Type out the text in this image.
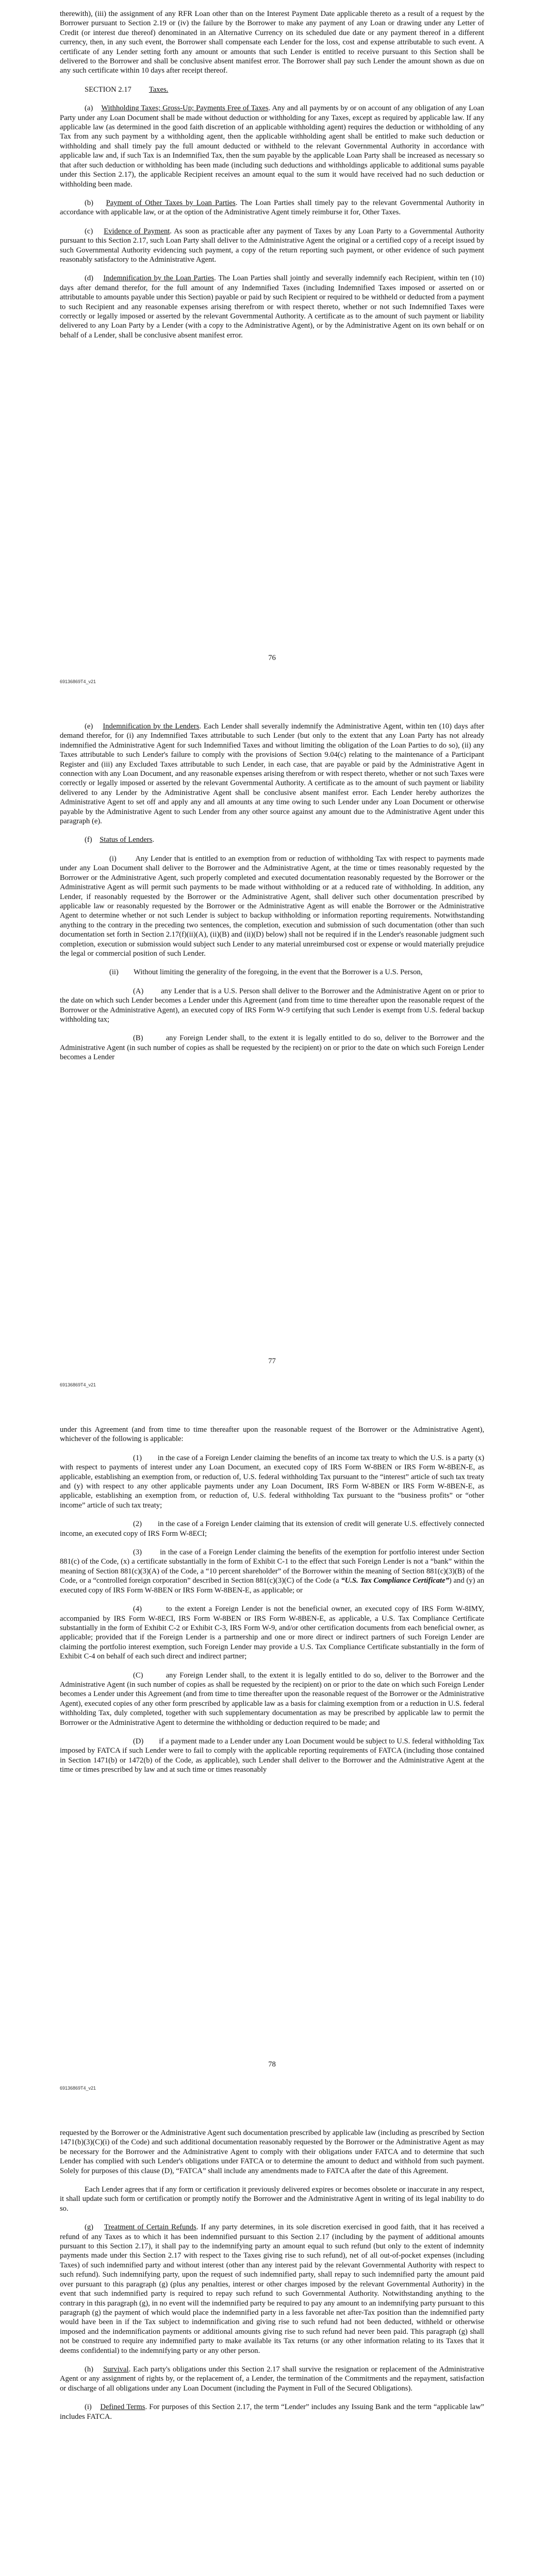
therewith), (iii) the assignment of any RFR Loan other than on the Interest Payment Date applicable thereto as a result of a request by the Borrower pursuant to Section 2.19 or (iv) the failure by the Borrower to make any payment of any Loan or drawing under any Letter of Credit (or interest due thereof) denominated in an Alternative Currency on its scheduled due date or any payment thereof in a different currency, then, in any such event, the Borrower shall compensate each Lender for the loss, cost and expense attributable to such event. A certificate of any Lender setting forth any amount or amounts that such Lender is entitled to receive pursuant to this Section shall be delivered to the Borrower and shall be conclusive absent manifest error. The Borrower shall pay such Lender the amount shown as due on any such certificate within 10 days after receipt thereof.

SECTION 2.17 Taxes.

(a) Withholding Taxes; Gross-Up; Payments Free of Taxes. Any and all payments by or on account of any obligation of any Loan Party under any Loan Document shall be made without deduction or withholding for any Taxes, except as required by applicable law. If any applicable law (as determined in the good faith discretion of an applicable withholding agent) requires the deduction or withholding of any Tax from any such payment by a withholding agent, then the applicable withholding agent shall be entitled to make such deduction or withholding and shall timely pay the full amount deducted or withheld to the relevant Governmental Authority in accordance with applicable law and, if such Tax is an Indemnified Tax, then the sum payable by the applicable Loan Party shall be increased as necessary so that after such deduction or withholding has been made (including such deductions and withholdings applicable to additional sums payable under this Section 2.17), the applicable Recipient receives an amount equal to the sum it would have received had no such deduction or withholding been made.

(b) Payment of Other Taxes by Loan Parties. The Loan Parties shall timely pay to the relevant Governmental Authority in accordance with applicable law, or at the option of the Administrative Agent timely reimburse it for, Other Taxes.

(c) Evidence of Payment. As soon as practicable after any payment of Taxes by any Loan Party to a Governmental Authority pursuant to this Section 2.17, such Loan Party shall deliver to the Administrative Agent the original or a certified copy of a receipt issued by such Governmental Authority evidencing such payment, a copy of the return reporting such payment, or other evidence of such payment reasonably satisfactory to the Administrative Agent.

(d) Indemnification by the Loan Parties. The Loan Parties shall jointly and severally indemnify each Recipient, within ten (10) days after demand therefor, for the full amount of any Indemnified Taxes (including Indemnified Taxes imposed or asserted on or attributable to amounts payable under this Section) payable or paid by such Recipient or required to be withheld or deducted from a payment to such Recipient and any reasonable expenses arising therefrom or with respect thereto, whether or not such Indemnified Taxes were correctly or legally imposed or asserted by the relevant Governmental Authority. A certificate as to the amount of such payment or liability delivered to any Loan Party by a Lender (with a copy to the Administrative Agent), or by the Administrative Agent on its own behalf or on behalf of a Lender, shall be conclusive absent manifest error.

76
69136869T4_v21

(e) Indemnification by the Lenders. Each Lender shall severally indemnify the Administrative Agent, within ten (10) days after demand therefor, for (i) any Indemnified Taxes attributable to such Lender (but only to the extent that any Loan Party has not already indemnified the Administrative Agent for such Indemnified Taxes and without limiting the obligation of the Loan Parties to do so), (ii) any Taxes attributable to such Lender's failure to comply with the provisions of Section 9.04(c) relating to the maintenance of a Participant Register and (iii) any Excluded Taxes attributable to such Lender, in each case, that are payable or paid by the Administrative Agent in connection with any Loan Document, and any reasonable expenses arising therefrom or with respect thereto, whether or not such Taxes were correctly or legally imposed or asserted by the relevant Governmental Authority. A certificate as to the amount of such payment or liability delivered to any Lender by the Administrative Agent shall be conclusive absent manifest error. Each Lender hereby authorizes the Administrative Agent to set off and apply any and all amounts at any time owing to such Lender under any Loan Document or otherwise payable by the Administrative Agent to such Lender from any other source against any amount due to the Administrative Agent under this paragraph (e).

(f) Status of Lenders.

(i)	Any Lender that is entitled to an exemption from or reduction of withholding Tax with respect to payments made under any Loan Document shall deliver to the Borrower and the Administrative Agent, at the time or times reasonably requested by the Borrower or the Administrative Agent, such properly completed and executed documentation reasonably requested by the Borrower or the Administrative Agent as will permit such payments to be made without withholding or at a reduced rate of withholding. In addition, any Lender, if reasonably requested by the Borrower or the Administrative Agent, shall deliver such other documentation prescribed by applicable law or reasonably requested by the Borrower or the Administrative Agent as will enable the Borrower or the Administrative Agent to determine whether or not such Lender is subject to backup withholding or information reporting requirements. Notwithstanding anything to the contrary in the preceding two sentences, the completion, execution and submission of such documentation (other than such documentation set forth in Section 2.17(f)(ii)(A), (ii)(B) and (ii)(D) below) shall not be required if in the Lender's reasonable judgment such completion, execution or submission would subject such Lender to any material unreimbursed cost or expense or would materially prejudice the legal or commercial position of such Lender.

(ii) Without limiting the generality of the foregoing, in the event that the Borrower is a U.S. Person,

(A) any Lender that is a U.S. Person shall deliver to the Borrower and the Administrative Agent on or prior to the date on which such Lender becomes a Lender under this Agreement (and from time to time thereafter upon the reasonable request of the Borrower or the Administrative Agent), an executed copy of IRS Form W-9 certifying that such Lender is exempt from U.S. federal backup withholding tax;

(B)	any Foreign Lender shall, to the extent it is legally entitled to do so, deliver to the Borrower and the Administrative Agent (in such number of copies as shall be requested by the recipient) on or prior to the date on which such Foreign Lender becomes a Lender

77
69136869T4_v21

under this Agreement (and from time to time thereafter upon the reasonable request of the Borrower or the Administrative Agent), whichever of the following is applicable:

(1) in the case of a Foreign Lender claiming the benefits of an income tax treaty to which the U.S. is a party (x) with respect to payments of interest under any Loan Document, an executed copy of IRS Form W-8BEN or IRS Form W-8BEN-E, as applicable, establishing an exemption from, or reduction of, U.S. federal withholding Tax pursuant to the “interest” article of such tax treaty and (y) with respect to any other applicable payments under any Loan Document, IRS Form W-8BEN or IRS Form W-8BEN-E, as applicable, establishing an exemption from, or reduction of, U.S. federal withholding Tax pursuant to the “business profits” or “other income” article of such tax treaty;

(2) in the case of a Foreign Lender claiming that its extension of credit will generate U.S. effectively connected income, an executed copy of IRS Form W-8ECI;

(3) in the case of a Foreign Lender claiming the benefits of the exemption for portfolio interest under Section 881(c) of the Code, (x) a certificate substantially in the form of Exhibit C-1 to the effect that such Foreign Lender is not a “bank” within the meaning of Section 881(c)(3)(A) of the Code, a “10 percent shareholder” of the Borrower within the meaning of Section 881(c)(3)(B) of the Code, or a “controlled foreign corporation” described in Section 881(c)(3)(C) of the Code (a “U.S. Tax Compliance Certificate”) and (y) an executed copy of IRS Form W-8BEN or IRS Form W-8BEN-E, as applicable; or

(4)	to the extent a Foreign Lender is not the beneficial owner, an executed copy of IRS Form W-8IMY, accompanied by IRS Form W-8ECI, IRS Form W-8BEN or IRS Form W-8BEN-E, as applicable, a U.S. Tax Compliance Certificate substantially in the form of Exhibit C-2 or Exhibit C-3, IRS Form W-9, and/or other certification documents from each beneficial owner, as applicable; provided that if the Foreign Lender is a partnership and one or more direct or indirect partners of such Foreign Lender are claiming the portfolio interest exemption, such Foreign Lender may provide a U.S. Tax Compliance Certificate substantially in the form of Exhibit C-4 on behalf of each such direct and indirect partner;

(C)	any Foreign Lender shall, to the extent it is legally entitled to do so, deliver to the Borrower and the Administrative Agent (in such number of copies as shall be requested by the recipient) on or prior to the date on which such Foreign Lender becomes a Lender under this Agreement (and from time to time thereafter upon the reasonable request of the Borrower or the Administrative Agent), executed copies of any other form prescribed by applicable law as a basis for claiming exemption from or a reduction in U.S. federal withholding Tax, duly completed, together with such supplementary documentation as may be prescribed by applicable law to permit the Borrower or the Administrative Agent to determine the withholding or deduction required to be made; and

(D) if a payment made to a Lender under any Loan Document would be subject to U.S. federal withholding Tax imposed by FATCA if such Lender were to fail to comply with the applicable reporting requirements of FATCA (including those contained in Section 1471(b) or 1472(b) of the Code, as applicable), such Lender shall deliver to the Borrower and the Administrative Agent at the time or times prescribed by law and at such time or times reasonably

78
69136869T4_v21

requested by the Borrower or the Administrative Agent such documentation prescribed by applicable law (including as prescribed by Section 1471(b)(3)(C)(i) of the Code) and such additional documentation reasonably requested by the Borrower or the Administrative Agent as may be necessary for the Borrower and the Administrative Agent to comply with their obligations under FATCA and to determine that such Lender has complied with such Lender's obligations under FATCA or to determine the amount to deduct and withhold from such payment. Solely for purposes of this clause (D), “FATCA” shall include any amendments made to FATCA after the date of this Agreement.

Each Lender agrees that if any form or certification it previously delivered expires or becomes obsolete or inaccurate in any respect, it shall update such form or certification or promptly notify the Borrower and the Administrative Agent in writing of its legal inability to do so.

(g) Treatment of Certain Refunds. If any party determines, in its sole discretion exercised in good faith, that it has received a refund of any Taxes as to which it has been indemnified pursuant to this Section 2.17 (including by the payment of additional amounts pursuant to this Section 2.17), it shall pay to the indemnifying party an amount equal to such refund (but only to the extent of indemnity payments made under this Section 2.17 with respect to the Taxes giving rise to such refund), net of all out-of-pocket expenses (including Taxes) of such indemnified party and without interest (other than any interest paid by the relevant Governmental Authority with respect to such refund). Such indemnifying party, upon the request of such indemnified party, shall repay to such indemnified party the amount paid over pursuant to this paragraph (g) (plus any penalties, interest or other charges imposed by the relevant Governmental Authority) in the event that such indemnified party is required to repay such refund to such Governmental Authority. Notwithstanding anything to the contrary in this paragraph (g), in no event will the indemnified party be required to pay any amount to an indemnifying party pursuant to this paragraph (g) the payment of which would place the indemnified party in a less favorable net after-Tax position than the indemnified party would have been in if the Tax subject to indemnification and giving rise to such refund had not been deducted, withheld or otherwise imposed and the indemnification payments or additional amounts giving rise to such refund had never been paid. This paragraph (g) shall not be construed to require any indemnified party to make available its Tax returns (or any other information relating to its Taxes that it deems confidential) to the indemnifying party or any other person.

(h) Survival. Each party's obligations under this Section 2.17 shall survive the resignation or replacement of the Administrative Agent or any assignment of rights by, or the replacement of, a Lender, the termination of the Commitments and the repayment, satisfaction or discharge of all obligations under any Loan Document (including the Payment in Full of the Secured Obligations).

(i) Defined Terms. For purposes of this Section 2.17, the term “Lender” includes any Issuing Bank and the term “applicable law” includes FATCA.
